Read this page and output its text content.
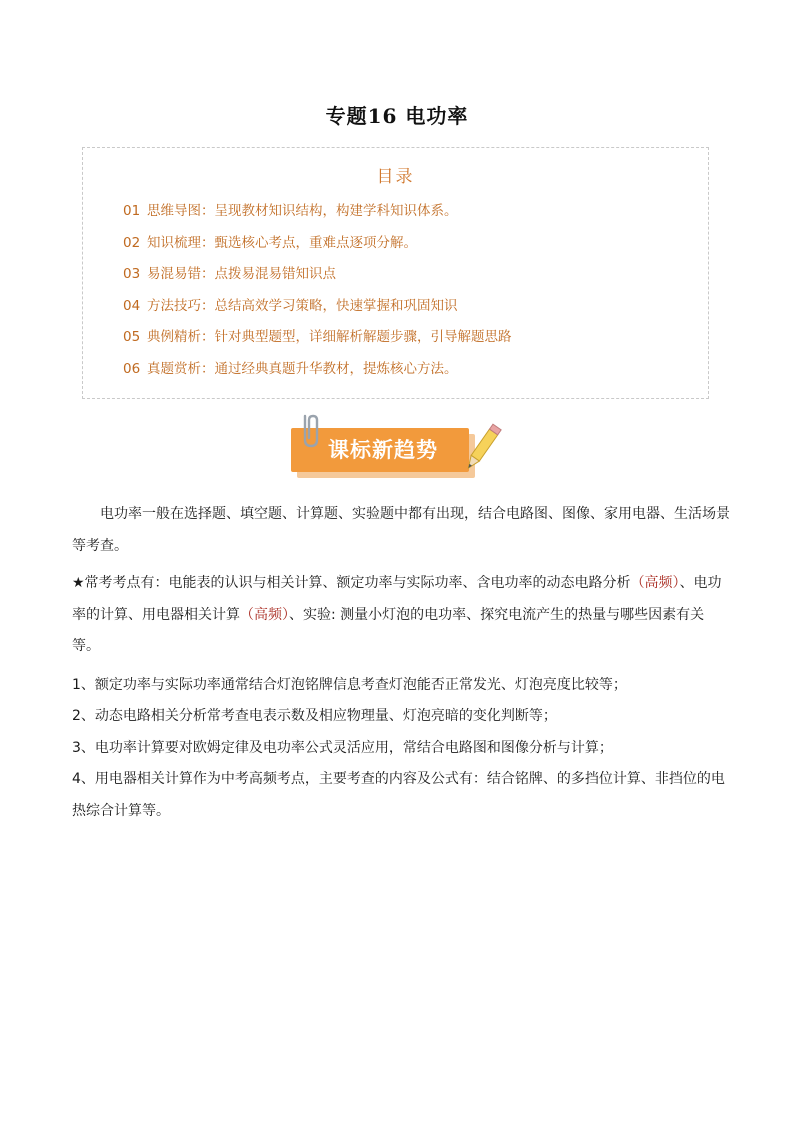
专题16 电功率
目录
01 思维导图：呈现教材知识结构，构建学科知识体系。
02 知识梳理：甄选核心考点，重难点逐项分解。
03 易混易错：点拨易混易错知识点
04 方法技巧：总结高效学习策略，快速掌握和巩固知识
05 典例精析：针对典型题型，详细解析解题步骤，引导解题思路
06 真题赏析：通过经典真题升华教材，提炼核心方法。
课标新趋势
电功率一般在选择题、填空题、计算题、实验题中都有出现，结合电路图、图像、家用电器、生活场景等考查。
★常考考点有：电能表的认识与相关计算、额定功率与实际功率、含电功率的动态电路分析（高频）、电功率的计算、用电器相关计算（高频）、实验: 测量小灯泡的电功率、探究电流产生的热量与哪些因素有关等。
1、额定功率与实际功率通常结合灯泡铭牌信息考查灯泡能否正常发光、灯泡亮度比较等；
2、动态电路相关分析常考查电表示数及相应物理量、灯泡亮暗的变化判断等；
3、电功率计算要对欧姆定律及电功率公式灵活应用，常结合电路图和图像分析与计算；
4、用电器相关计算作为中考高频考点，主要考查的内容及公式有：结合铭牌、的多挡位计算、非挡位的电热综合计算等。
